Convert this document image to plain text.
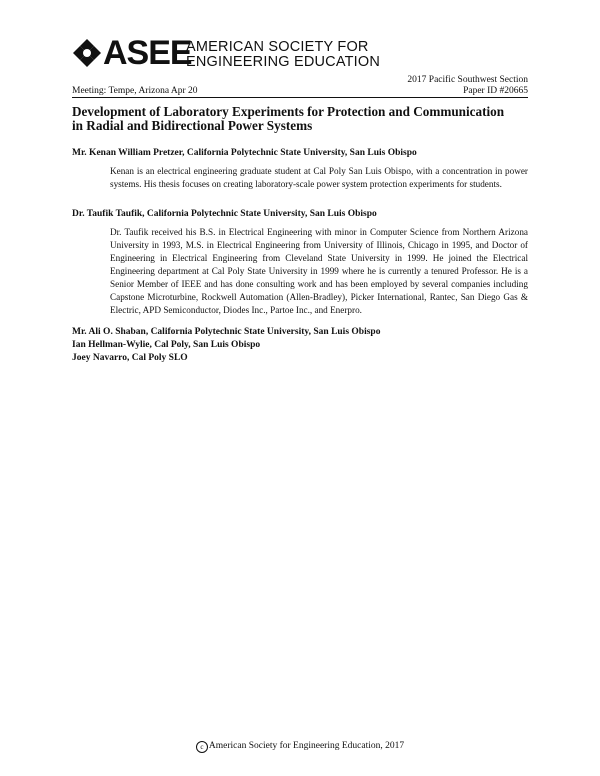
ASEE
AMERICAN SOCIETY FOR
ENGINEERING EDUCATION
2017 Pacific Southwest Section
Meeting: Tempe, Arizona Apr 20	Paper ID #20665
Development of Laboratory Experiments for Protection and Communication
in Radial and Bidirectional Power Systems
Mr. Kenan William Pretzer, California Polytechnic State University, San Luis Obispo
Kenan is an electrical engineering graduate student at Cal Poly San Luis Obispo, with a concentration in power systems. His thesis focuses on creating laboratory-scale power system protection experiments for students.
Dr. Taufik Taufik, California Polytechnic State University, San Luis Obispo
Dr. Taufik received his B.S. in Electrical Engineering with minor in Computer Science from Northern Arizona University in 1993, M.S. in Electrical Engineering from University of Illinois, Chicago in 1995, and Doctor of Engineering in Electrical Engineering from Cleveland State University in 1999. He joined the Electrical Engineering department at Cal Poly State University in 1999 where he is currently a tenured Professor. He is a Senior Member of IEEE and has done consulting work and has been employed by several companies including Capstone Microturbine, Rockwell Automation (Allen-Bradley), Picker International, Rantec, San Diego Gas & Electric, APD Semiconductor, Diodes Inc., Partoe Inc., and Enerpro.
Mr. Ali O. Shaban, California Polytechnic State University, San Luis Obispo
Ian Hellman-Wylie, Cal Poly, San Luis Obispo
Joey Navarro, Cal Poly SLO
c American Society for Engineering Education, 2017
